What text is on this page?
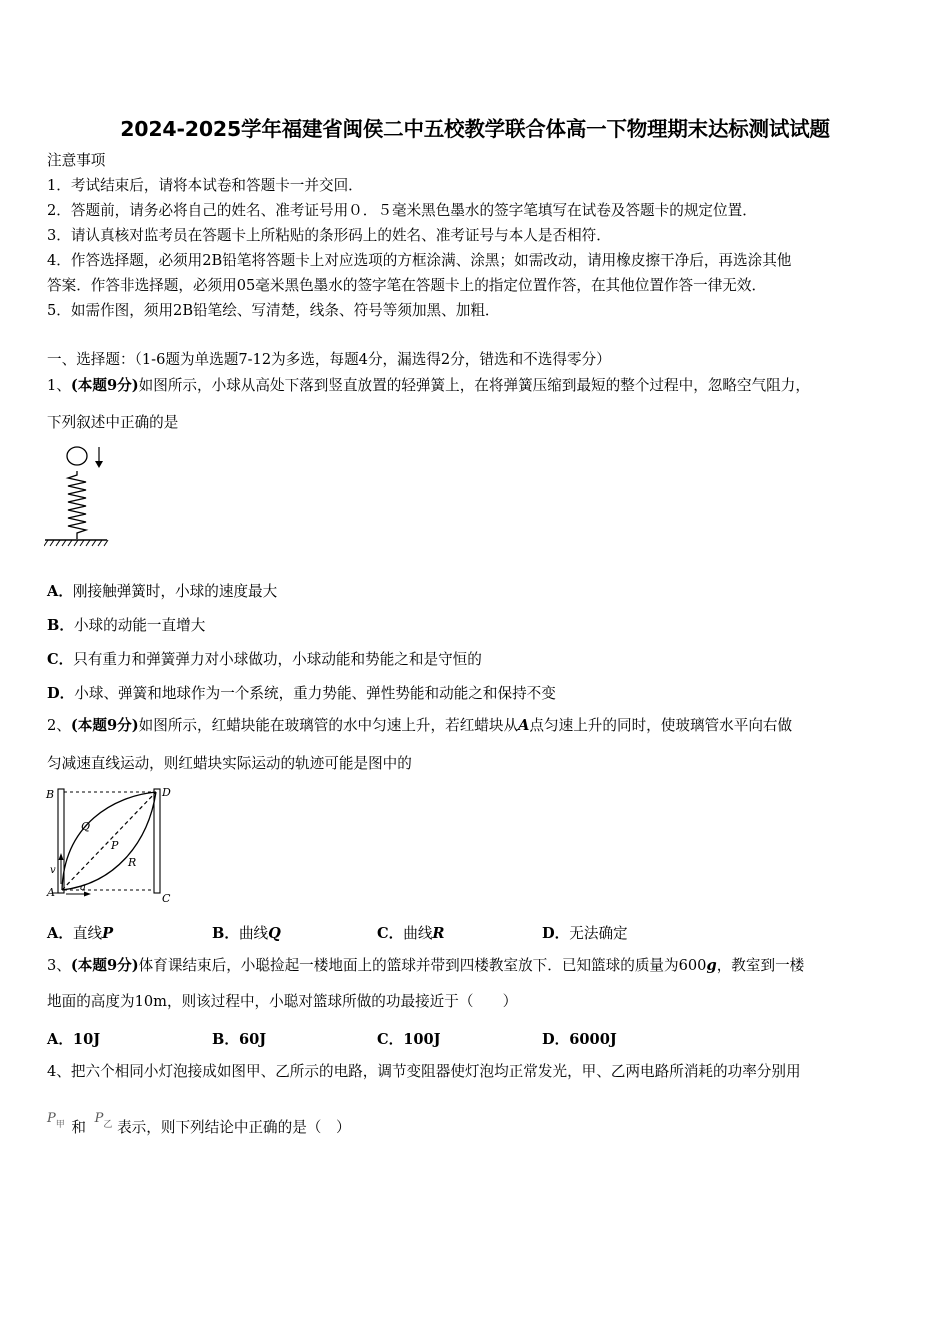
2024-2025学年福建省闽侯二中五校教学联合体高一下物理期末达标测试试题
注意事项
1．考试结束后，请将本试卷和答题卡一并交回．
2．答题前，请务必将自己的姓名、准考证号用０．５毫米黑色墨水的签字笔填写在试卷及答题卡的规定位置．
3．请认真核对监考员在答题卡上所粘贴的条形码上的姓名、准考证号与本人是否相符．
4．作答选择题，必须用2B铅笔将答题卡上对应选项的方框涂满、涂黑；如需改动，请用橡皮擦干净后，再选涂其他
答案．作答非选择题，必须用05毫米黑色墨水的签字笔在答题卡上的指定位置作答，在其他位置作答一律无效．
5．如需作图，须用2B铅笔绘、写清楚，线条、符号等须加黑、加粗．
一、选择题：（1-6题为单选题7-12为多选，每题4分，漏选得2分，错选和不选得零分）
1、(本题9分)如图所示，小球从高处下落到竖直放置的轻弹簧上，在将弹簧压缩到最短的整个过程中，忽略空气阻力，
下列叙述中正确的是
A．刚接触弹簧时，小球的速度最大
B．小球的动能一直增大
C．只有重力和弹簧弹力对小球做功，小球动能和势能之和是守恒的
D．小球、弹簧和地球作为一个系统，重力势能、弹性势能和动能之和保持不变
2、(本题9分)如图所示，红蜡块能在玻璃管的水中匀速上升，若红蜡块从A点匀速上升的同时，使玻璃管水平向右做
匀减速直线运动，则红蜡块实际运动的轨迹可能是图中的
B	D
Q
P
R
v
A	a
C
A．直线P	B．曲线Q	C．曲线R	D．无法确定
3、(本题9分)体育课结束后，小聪捡起一楼地面上的篮球并带到四楼教室放下．已知篮球的质量为600g，教室到一楼
地面的高度为10m，则该过程中，小聪对篮球所做的功最接近于（　　）
A．10J	B．60J	C．100J	D．6000J
4、把六个相同小灯泡接成如图甲、乙所示的电路，调节变阻器使灯泡均正常发光，甲、乙两电路所消耗的功率分别用
$P^甲$ 和 $P^乙$ 表示，则下列结论中正确的是（　）
